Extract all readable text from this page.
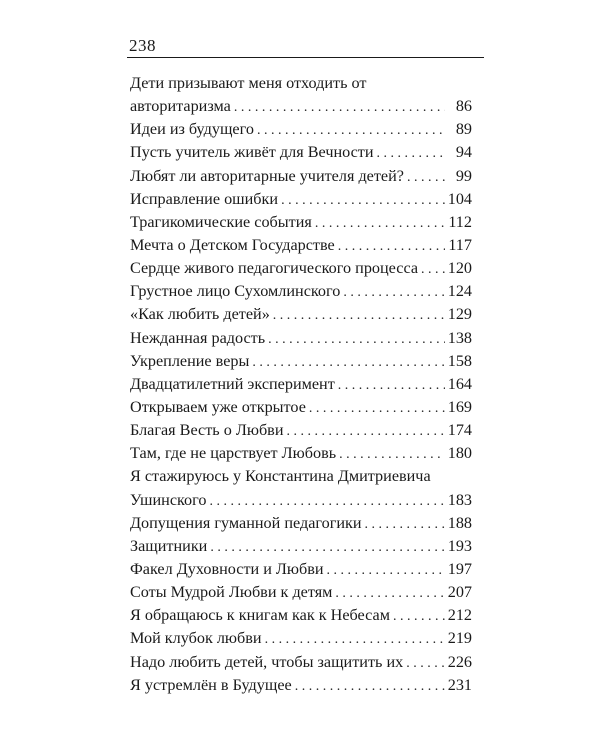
238
Дети призывают меня отходить от
авторитаризма . . .	86
Идеи из будущего . . .	89
Пусть учитель живёт для Вечности . . .	94
Любят ли авторитарные учителя детей? . . .	99
Исправление ошибки . . .	104
Трагикомические события . . .	112
Мечта о Детском Государстве . . .	117
Сердце живого педагогического процесса . . . 120
Грустное лицо Сухомлинского . . .	124
«Как любить детей» . . .	129
Нежданная радость . . .	138
Укрепление веры . . .	158
Двадцатилетний эксперимент . . .	164
Открываем уже открытое . . .	169
Благая Весть о Любви . . .	174
Там, где не царствует Любовь . . .	180
Я стажируюсь у Константина Дмитриевича
Ушинского . . .	183
Допущения гуманной педагогики . . .	188
Защитники . . .	193
Факел Духовности и Любви . . .	197
Соты Мудрой Любви к детям . . .	207
Я обращаюсь к книгам как к Небесам . . .	212
Мой клубок любви . . .	219
Надо любить детей, чтобы защитить их . . .	226
Я устремлён в Будущее . . .	231
